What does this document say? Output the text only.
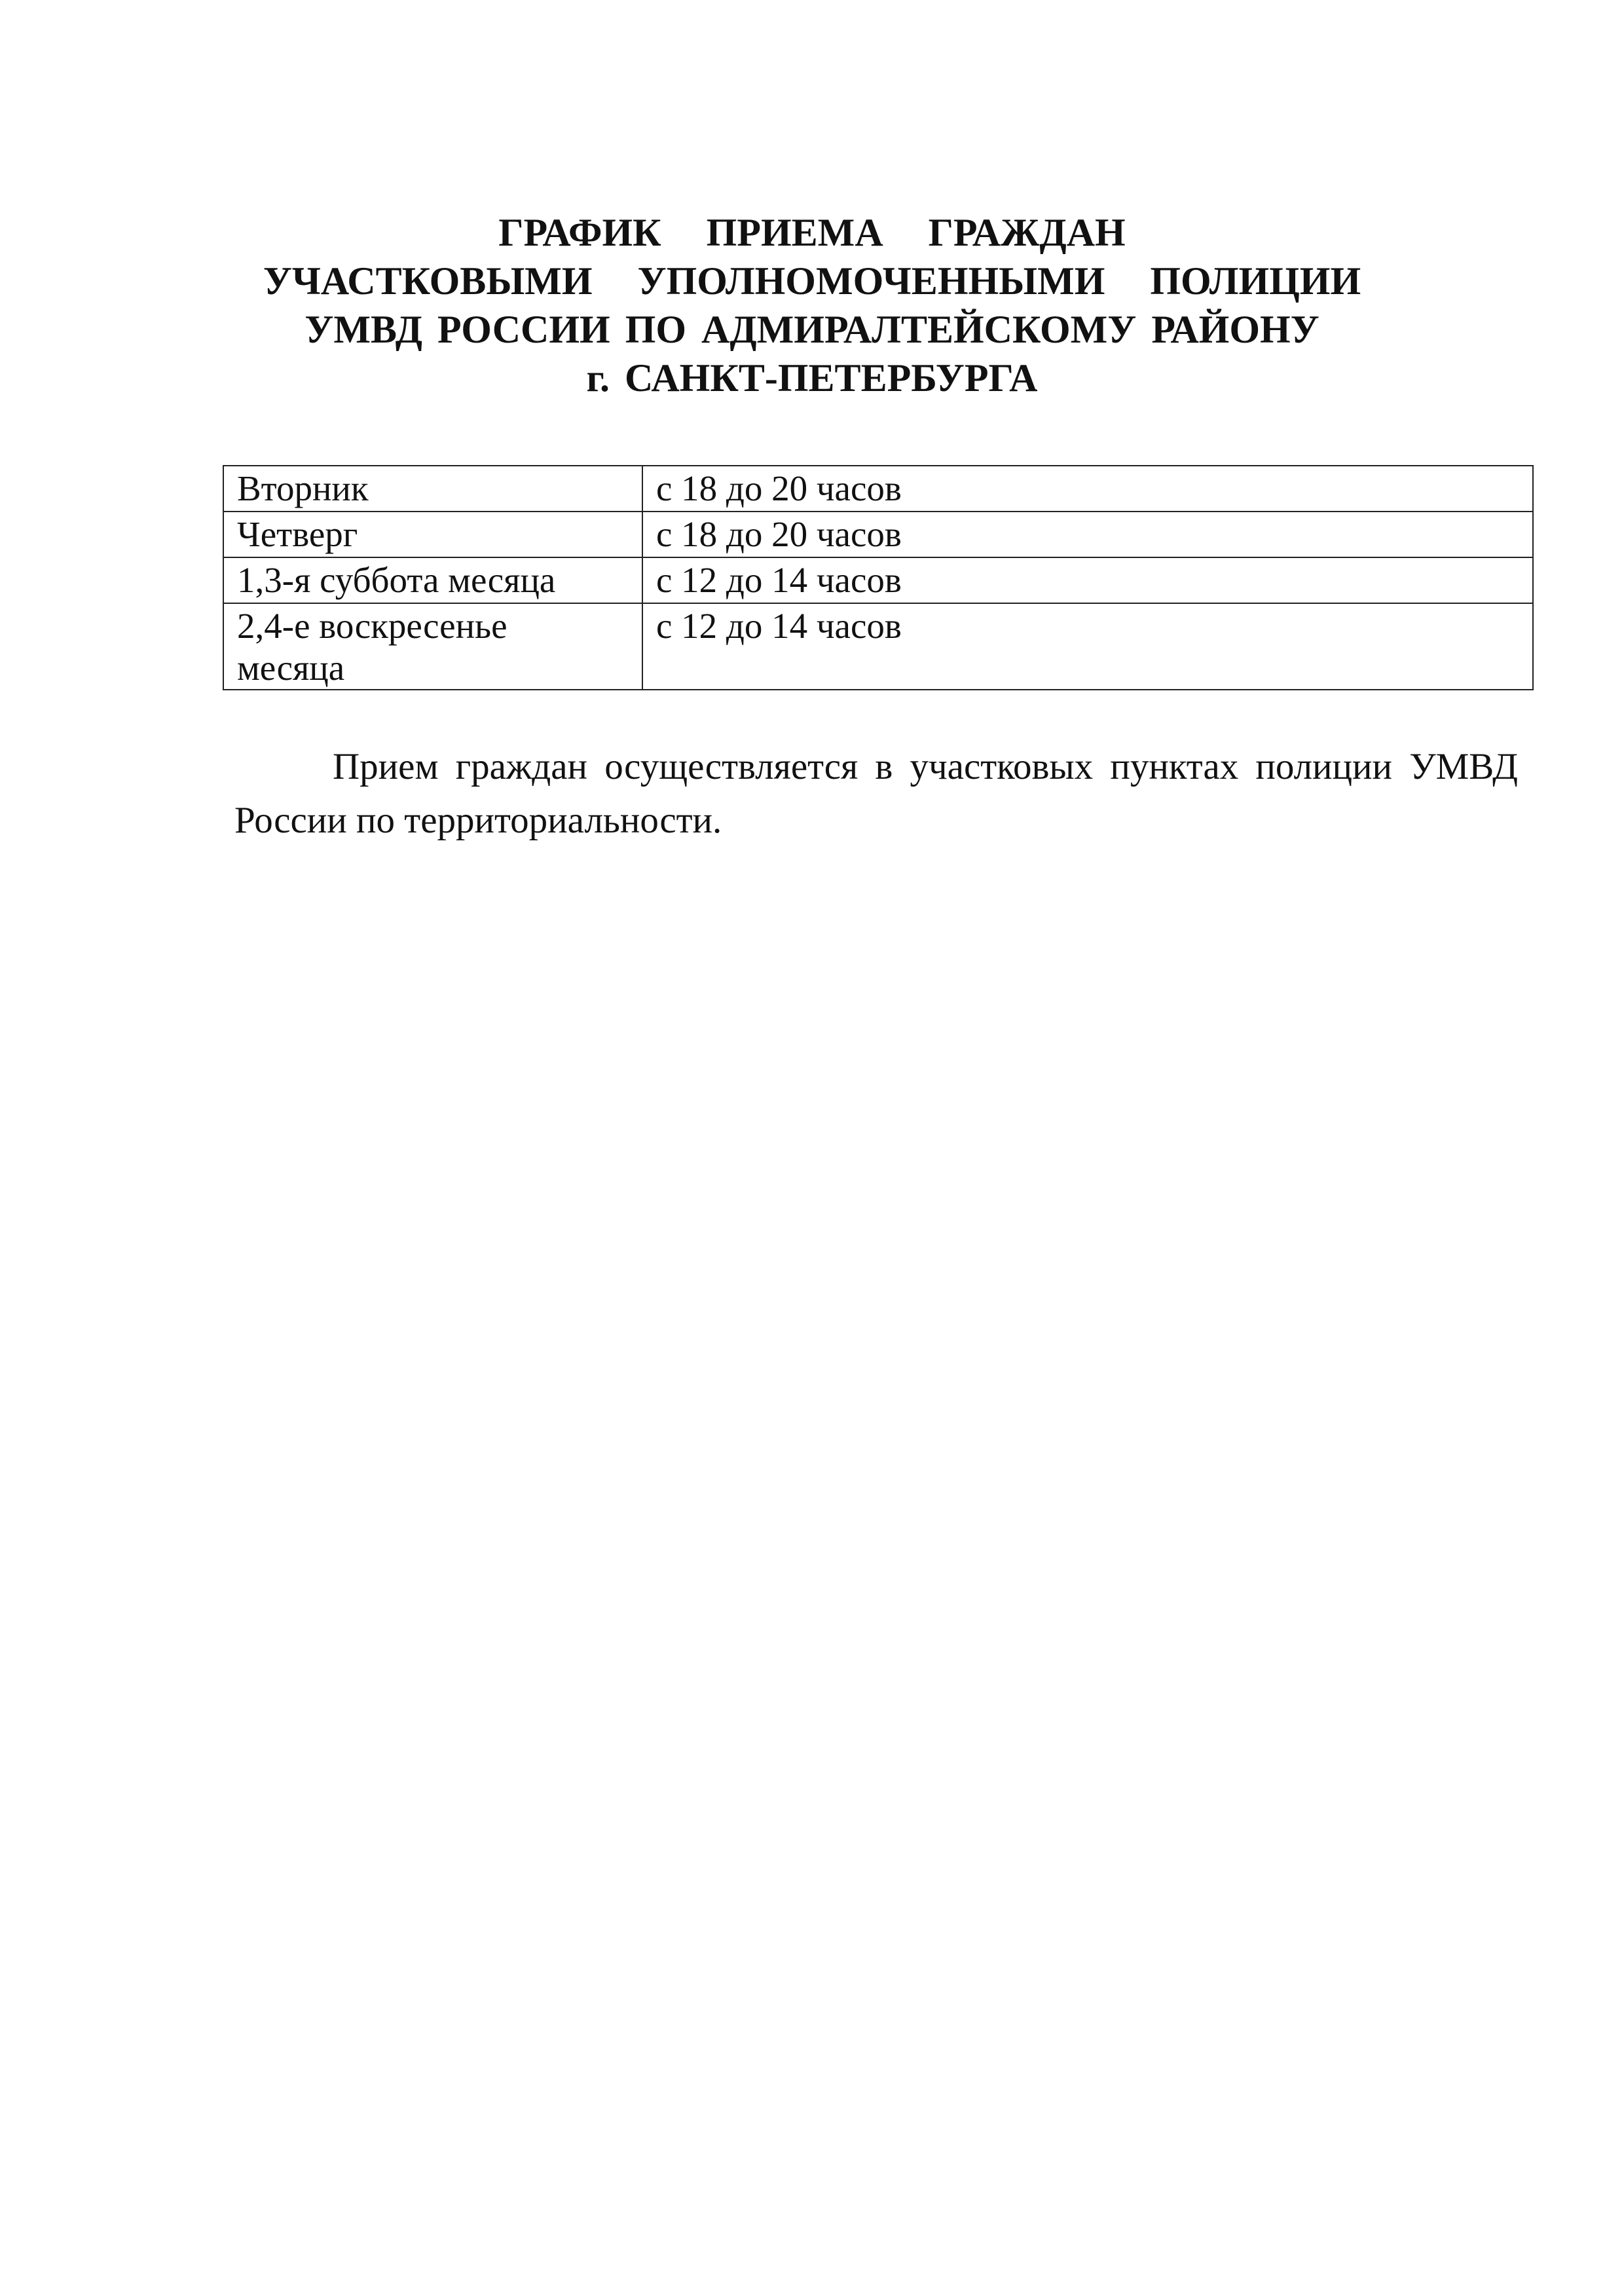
ГРАФИК   ПРИЕМА   ГРАЖДАН

УЧАСТКОВЫМИ   УПОЛНОМОЧЕННЫМИ   ПОЛИЦИИ

УМВД РОССИИ ПО АДМИРАЛТЕЙСКОМУ РАЙОНУ

г. САНКТ-ПЕТЕРБУРГА

Вторник	с 18 до 20 часов
Четверг	с 18 до 20 часов
1,3-я суббота месяца	с 12 до 14 часов
2,4-е воскресенье месяца	с 12 до 14 часов

Прием граждан осуществляется в участковых пунктах полиции УМВД России по территориальности.
